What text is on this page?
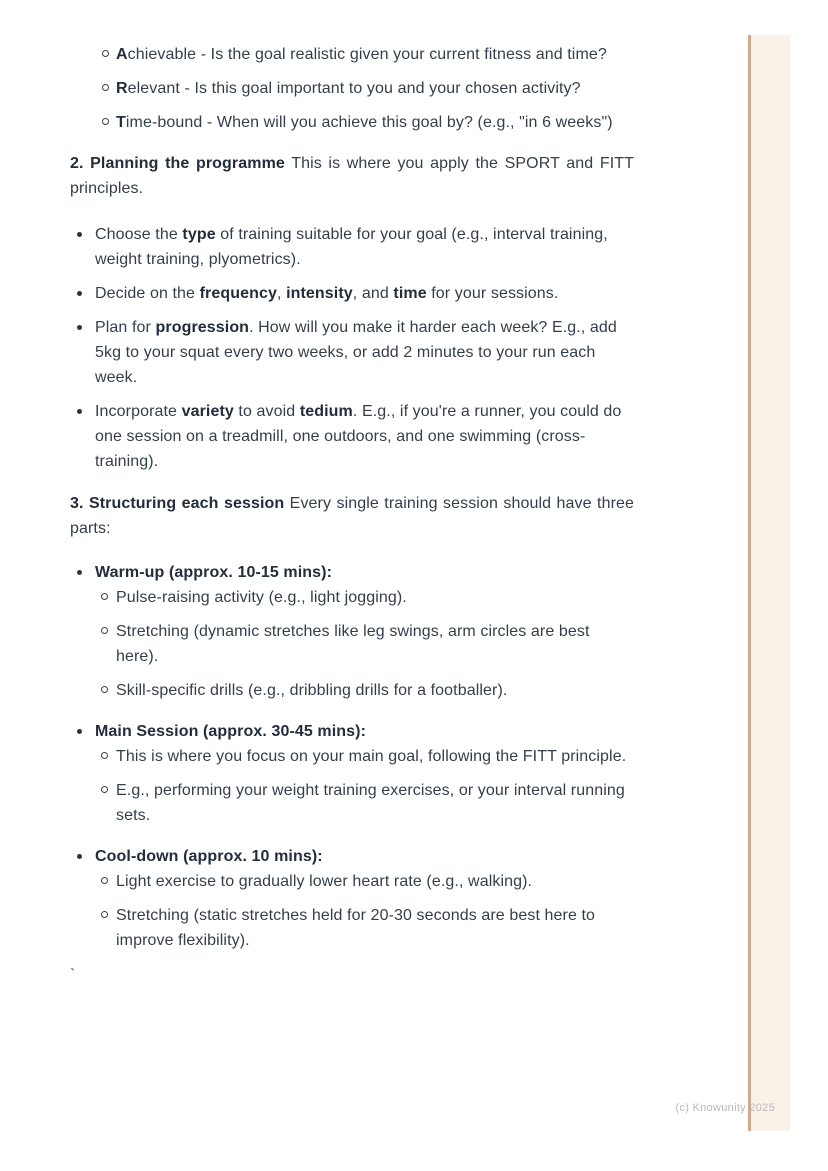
Achievable - Is the goal realistic given your current fitness and time?
Relevant - Is this goal important to you and your chosen activity?
Time-bound - When will you achieve this goal by? (e.g., "in 6 weeks")

2. Planning the programme This is where you apply the SPORT and FITT principles.

Choose the type of training suitable for your goal (e.g., interval training, weight training, plyometrics).
Decide on the frequency, intensity, and time for your sessions.
Plan for progression. How will you make it harder each week? E.g., add 5kg to your squat every two weeks, or add 2 minutes to your run each week.
Incorporate variety to avoid tedium. E.g., if you're a runner, you could do one session on a treadmill, one outdoors, and one swimming (cross-training).

3. Structuring each session Every single training session should have three parts:

Warm-up (approx. 10-15 mins):
Pulse-raising activity (e.g., light jogging).
Stretching (dynamic stretches like leg swings, arm circles are best here).
Skill-specific drills (e.g., dribbling drills for a footballer).
Main Session (approx. 30-45 mins):
This is where you focus on your main goal, following the FITT principle.
E.g., performing your weight training exercises, or your interval running sets.
Cool-down (approx. 10 mins):
Light exercise to gradually lower heart rate (e.g., walking).
Stretching (static stretches held for 20-30 seconds are best here to improve flexibility).
`
(c) Knowunity 2025
